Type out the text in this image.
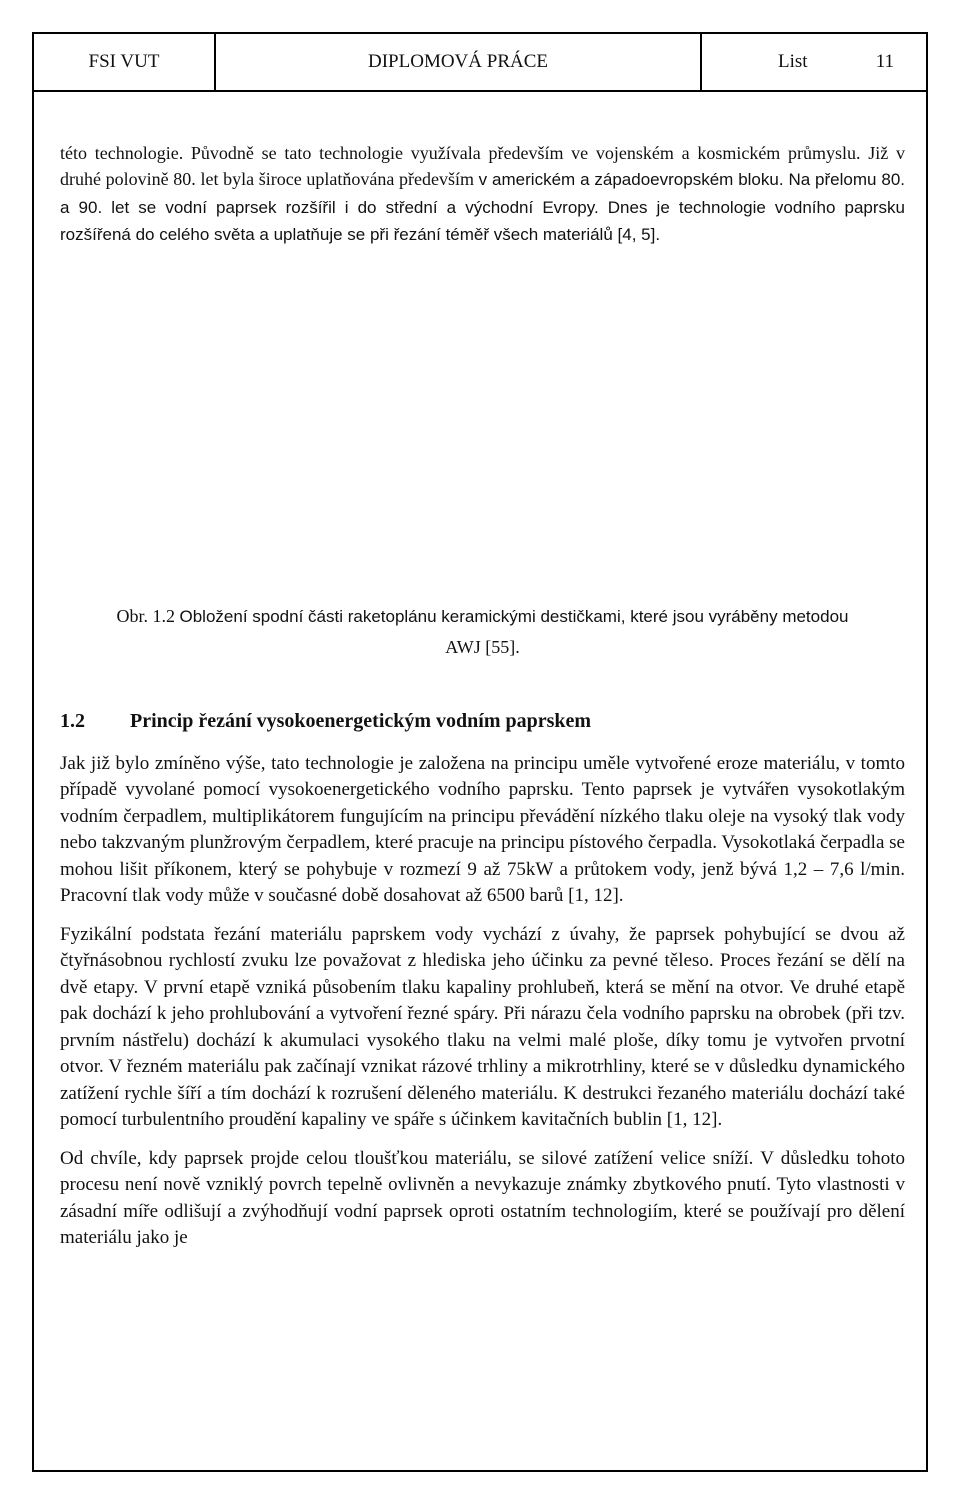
FSI VUT	DIPLOMOVÁ PRÁCE	List	11

této technologie. Původně se tato technologie využívala především ve vojenském a kosmickém průmyslu. Již v druhé polovině 80. let byla široce uplatňována především v americkém a západoevropském bloku. Na přelomu 80. a 90. let se vodní paprsek rozšířil i do střední a východní Evropy. Dnes je technologie vodního paprsku rozšířená do celého světa a uplatňuje se při řezání téměř všech materiálů [4, 5].

Obr. 1.2 Obložení spodní části raketoplánu keramickými destičkami, které jsou vyráběny metodou
AWJ [55].

1.2	Princip řezání vysokoenergetickým vodním paprskem

Jak již bylo zmíněno výše, tato technologie je založena na principu uměle vytvořené eroze materiálu, v tomto případě vyvolané pomocí vysokoenergetického vodního paprsku. Tento paprsek je vytvářen vysokotlakým vodním čerpadlem, multiplikátorem fungujícím na principu převádění nízkého tlaku oleje na vysoký tlak vody nebo takzvaným plunžrovým čerpadlem, které pracuje na principu pístového čerpadla. Vysokotlaká čerpadla se mohou lišit příkonem, který se pohybuje v rozmezí 9 až 75kW a průtokem vody, jenž bývá 1,2 – 7,6 l/min. Pracovní tlak vody může v současné době dosahovat až 6500 barů [1, 12].

Fyzikální podstata řezání materiálu paprskem vody vychází z úvahy, že paprsek pohybující se dvou až čtyřnásobnou rychlostí zvuku lze považovat z hlediska jeho účinku za pevné těleso. Proces řezání se dělí na dvě etapy. V první etapě vzniká působením tlaku kapaliny prohlubeň, která se mění na otvor. Ve druhé etapě pak dochází k jeho prohlubování a vytvoření řezné spáry. Při nárazu čela vodního paprsku na obrobek (při tzv. prvním nástřelu) dochází k akumulaci vysokého tlaku na velmi malé ploše, díky tomu je vytvořen prvotní otvor. V řezném materiálu pak začínají vznikat rázové trhliny a mikrotrhliny, které se v důsledku dynamického zatížení rychle šíří a tím dochází k rozrušení děleného materiálu. K destrukci řezaného materiálu dochází také pomocí turbulentního proudění kapaliny ve spáře s účinkem kavitačních bublin [1, 12].

Od chvíle, kdy paprsek projde celou tloušťkou materiálu, se silové zatížení velice sníží. V důsledku tohoto procesu není nově vzniklý povrch tepelně ovlivněn a nevykazuje známky zbytkového pnutí. Tyto vlastnosti v zásadní míře odlišují a zvýhodňují vodní paprsek oproti ostatním technologiím, které se používají pro dělení materiálu jako je
